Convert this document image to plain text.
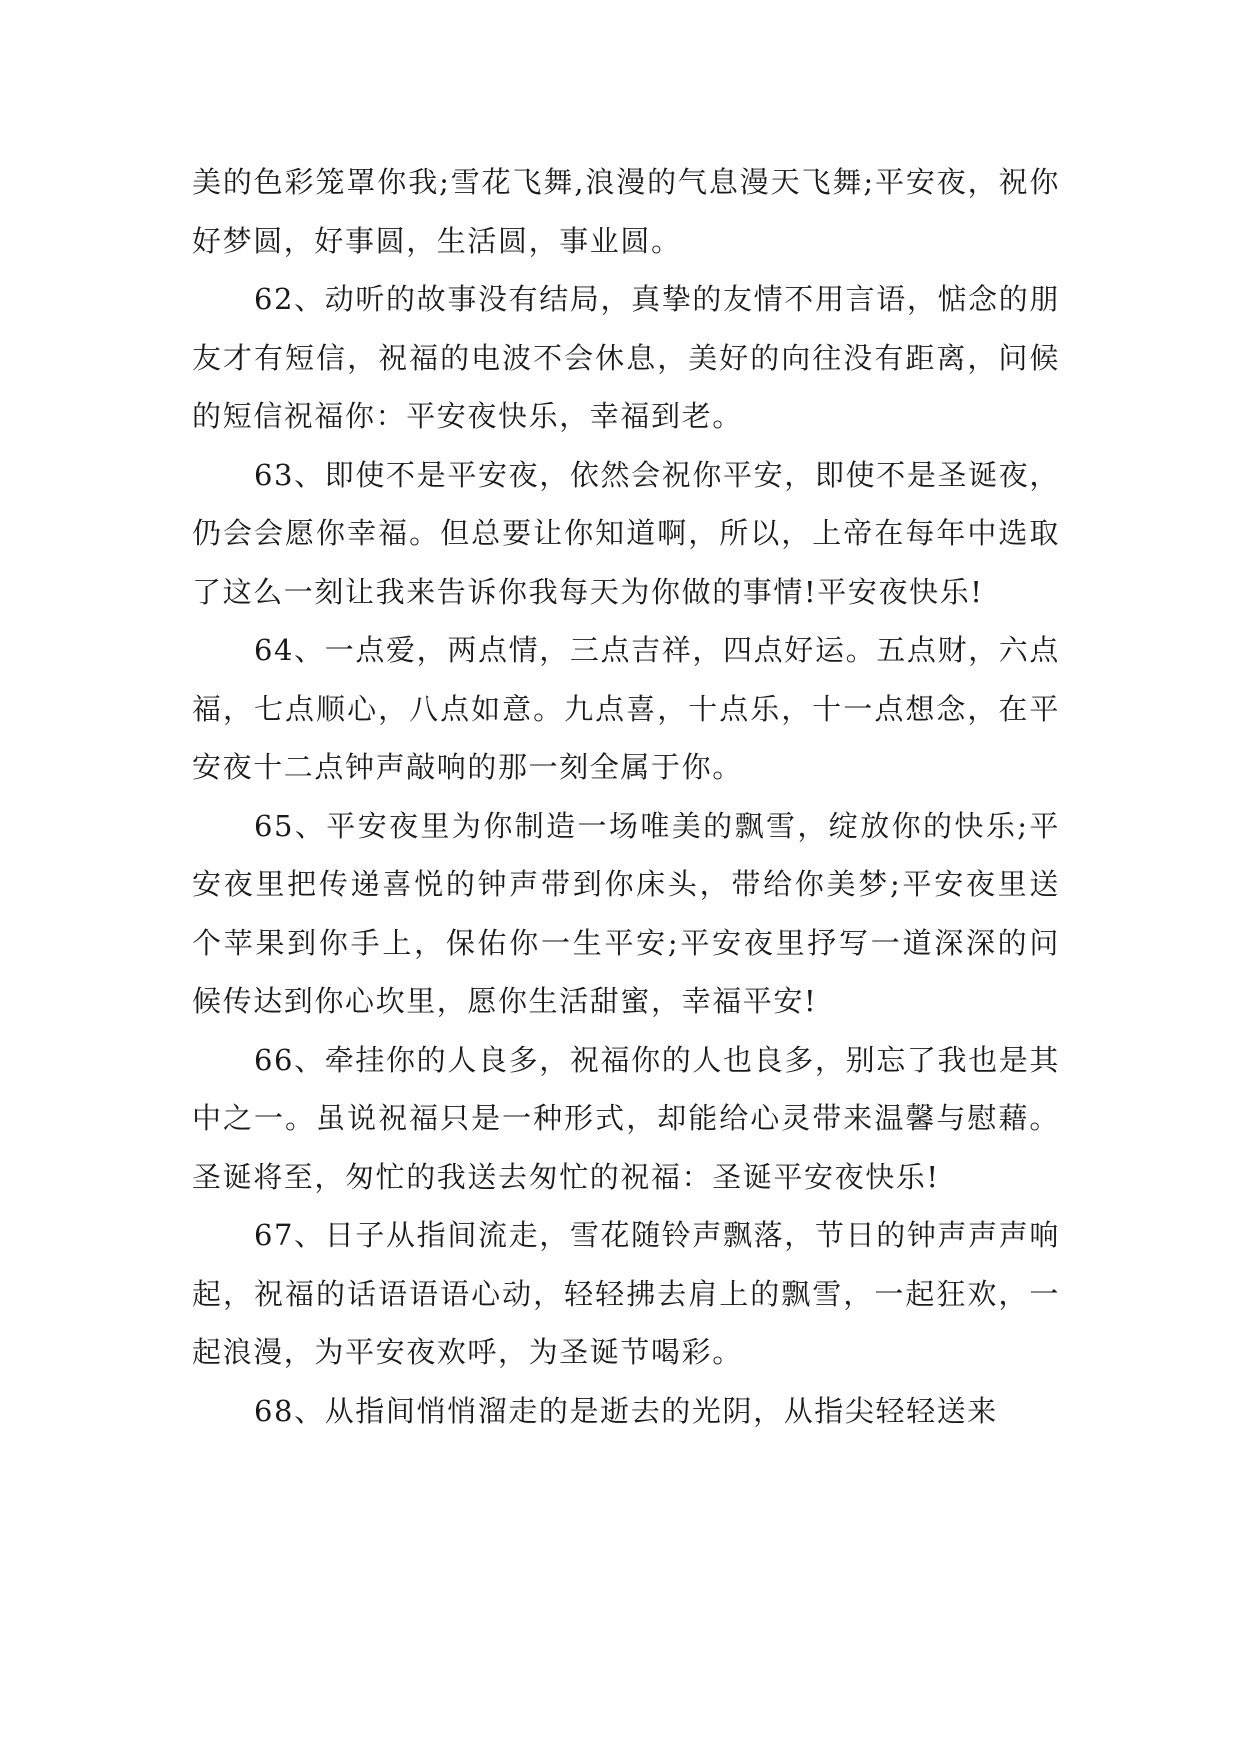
美的色彩笼罩你我;雪花飞舞,浪漫的气息漫天飞舞;平安夜，祝你好梦圆，好事圆，生活圆，事业圆。

62、动听的故事没有结局，真挚的友情不用言语，惦念的朋友才有短信，祝福的电波不会休息，美好的向往没有距离，问候的短信祝福你：平安夜快乐，幸福到老。

63、即使不是平安夜，依然会祝你平安，即使不是圣诞夜，仍会会愿你幸福。但总要让你知道啊，所以，上帝在每年中选取了这么一刻让我来告诉你我每天为你做的事情!平安夜快乐!

64、一点爱，两点情，三点吉祥，四点好运。五点财，六点福，七点顺心，八点如意。九点喜，十点乐，十一点想念，在平安夜十二点钟声敲响的那一刻全属于你。

65、平安夜里为你制造一场唯美的飘雪，绽放你的快乐;平安夜里把传递喜悦的钟声带到你床头，带给你美梦;平安夜里送个苹果到你手上，保佑你一生平安;平安夜里抒写一道深深的问候传达到你心坎里，愿你生活甜蜜，幸福平安!

66、牵挂你的人良多，祝福你的人也良多，别忘了我也是其中之一。虽说祝福只是一种形式，却能给心灵带来温馨与慰藉。圣诞将至，匆忙的我送去匆忙的祝福：圣诞平安夜快乐!

67、日子从指间流走，雪花随铃声飘落，节日的钟声声声响起，祝福的话语语语心动，轻轻拂去肩上的飘雪，一起狂欢，一起浪漫，为平安夜欢呼，为圣诞节喝彩。

68、从指间悄悄溜走的是逝去的光阴，从指尖轻轻送来
